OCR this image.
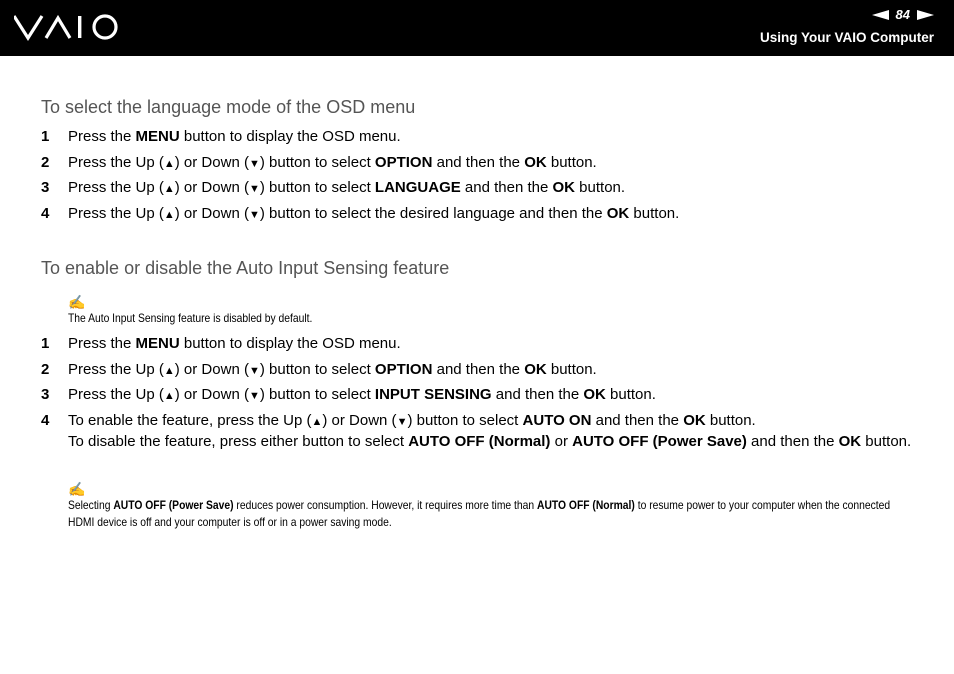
84
Using Your VAIO Computer
To select the language mode of the OSD menu
1 Press the MENU button to display the OSD menu.
2 Press the Up (▲) or Down (▼) button to select OPTION and then the OK button.
3 Press the Up (▲) or Down (▼) button to select LANGUAGE and then the OK button.
4 Press the Up (▲) or Down (▼) button to select the desired language and then the OK button.
To enable or disable the Auto Input Sensing feature
✍
The Auto Input Sensing feature is disabled by default.
1 Press the MENU button to display the OSD menu.
2 Press the Up (▲) or Down (▼) button to select OPTION and then the OK button.
3 Press the Up (▲) or Down (▼) button to select INPUT SENSING and then the OK button.
4 To enable the feature, press the Up (▲) or Down (▼) button to select AUTO ON and then the OK button.
To disable the feature, press either button to select AUTO OFF (Normal) or AUTO OFF (Power Save) and then the OK button.
✍
Selecting AUTO OFF (Power Save) reduces power consumption. However, it requires more time than AUTO OFF (Normal) to resume power to your computer when the connected HDMI device is off and your computer is off or in a power saving mode.
